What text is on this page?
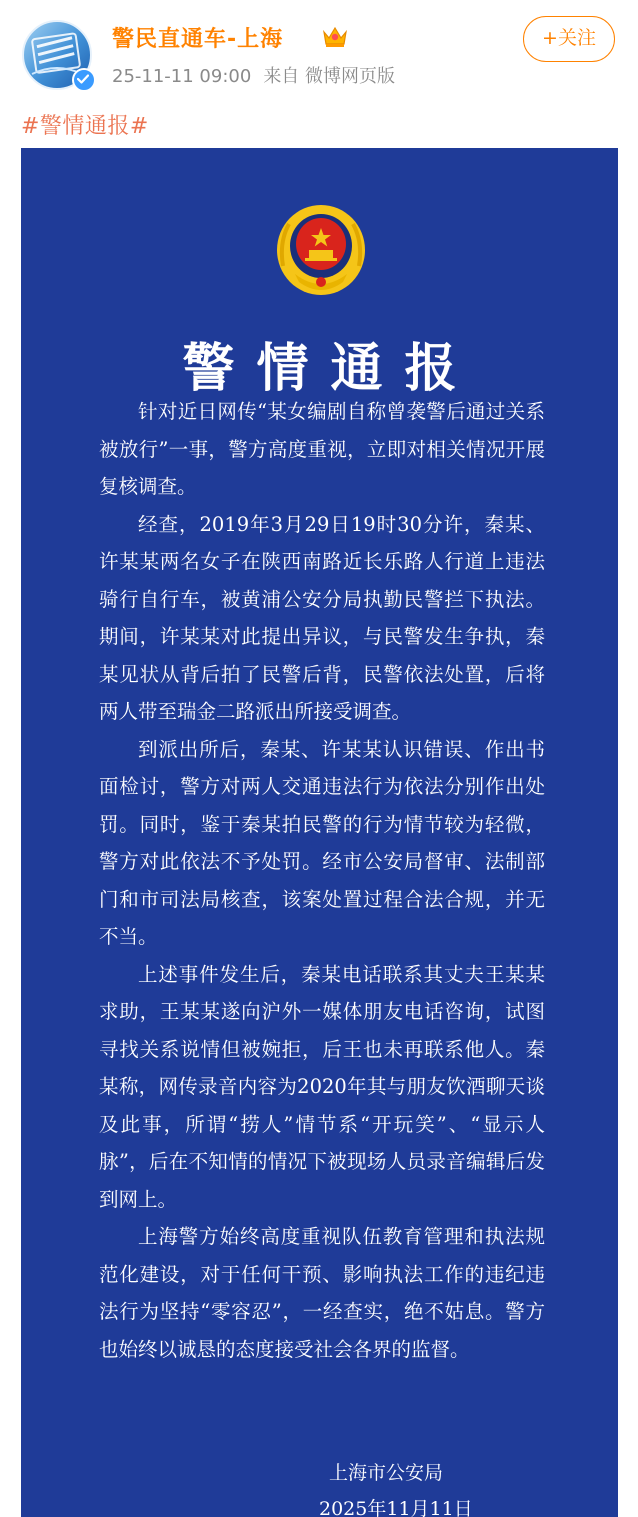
警民直通车-上海
25-11-11 09:00 来自 微博网页版
+关注
#警情通报#
警情通报

针对近日网传“某女编剧自称曾袭警后通过关系被放行”一事，警方高度重视，立即对相关情况开展复核调查。

经查，2019年3月29日19时30分许，秦某、许某某两名女子在陕西南路近长乐路人行道上违法骑行自行车，被黄浦公安分局执勤民警拦下执法。期间，许某某对此提出异议，与民警发生争执，秦某见状从背后拍了民警后背，民警依法处置，后将两人带至瑞金二路派出所接受调查。

到派出所后，秦某、许某某认识错误、作出书面检讨，警方对两人交通违法行为依法分别作出处罚。同时，鉴于秦某拍民警的行为情节较为轻微，警方对此依法不予处罚。经市公安局督审、法制部门和市司法局核查，该案处置过程合法合规，并无不当。

上述事件发生后，秦某电话联系其丈夫王某某求助，王某某遂向沪外一媒体朋友电话咨询，试图寻找关系说情但被婉拒，后王也未再联系他人。秦某称，网传录音内容为2020年其与朋友饮酒聊天谈及此事，所谓“捞人”情节系“开玩笑”、“显示人脉”，后在不知情的情况下被现场人员录音编辑后发到网上。

上海警方始终高度重视队伍教育管理和执法规范化建设，对于任何干预、影响执法工作的违纪违法行为坚持“零容忍”，一经查实，绝不姑息。警方也始终以诚恳的态度接受社会各界的监督。

上海市公安局
2025年11月11日
